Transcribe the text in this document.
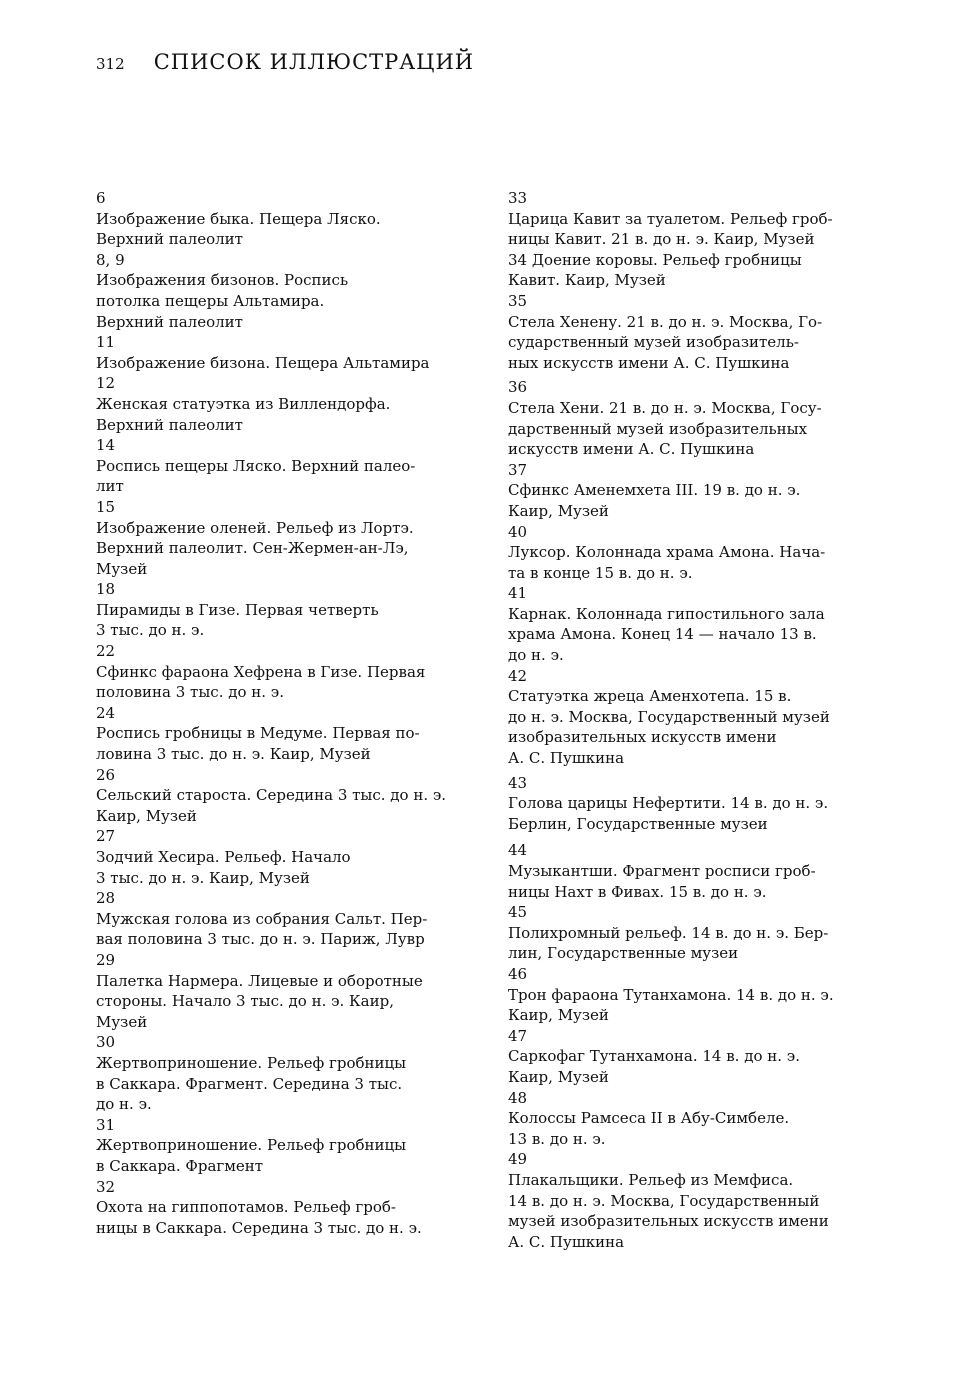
312 СПИСОК ИЛЛЮСТРАЦИЙ
6
Изображение быка. Пещера Ляско.
Верхний палеолит
8, 9
Изображения бизонов. Роспись
потолка пещеры Альтамира.
Верхний палеолит
11
Изображение бизона. Пещера Альтамира
12
Женская статуэтка из Виллендорфа.
Верхний палеолит
14
Роспись пещеры Ляско. Верхний палео-
лит
15
Изображение оленей. Рельеф из Лортэ.
Верхний палеолит. Сен-Жермен-ан-Лэ,
Музей
18
Пирамиды в Гизе. Первая четверть
3 тыс. до н. э.
22
Сфинкс фараона Хефрена в Гизе. Первая
половина 3 тыс. до н. э.
24
Роспись гробницы в Медуме. Первая по-
ловина 3 тыс. до н. э. Каир, Музей
26
Сельский староста. Середина 3 тыс. до н. э.
Каир, Музей
27
Зодчий Хесира. Рельеф. Начало
3 тыс. до н. э. Каир, Музей
28
Мужская голова из собрания Сальт. Пер-
вая половина 3 тыс. до н. э. Париж, Лувр
29
Палетка Нармера. Лицевые и оборотные
стороны. Начало 3 тыс. до н. э. Каир,
Музей
30
Жертвоприношение. Рельеф гробницы
в Саккара. Фрагмент. Середина 3 тыс.
до н. э.
31
Жертвоприношение. Рельеф гробницы
в Саккара. Фрагмент
32
Охота на гиппопотамов. Рельеф гроб-
ницы в Саккара. Середина 3 тыс. до н. э.
33
Царица Кавит за туалетом. Рельеф гроб-
ницы Кавит. 21 в. до н. э. Каир, Музей
34 Доение коровы. Рельеф гробницы
Кавит. Каир, Музей
35
Стела Хенену. 21 в. до н. э. Москва, Го-
сударственный музей изобразитель-
ных искусств имени А. С. Пушкина
36
Стела Хени. 21 в. до н. э. Москва, Госу-
дарственный музей изобразительных
искусств имени А. С. Пушкина
37
Сфинкс Аменемхета III. 19 в. до н. э.
Каир, Музей
40
Луксор. Колоннада храма Амона. Нача-
та в конце 15 в. до н. э.
41
Карнак. Колоннада гипостильного зала
храма Амона. Конец 14 — начало 13 в.
до н. э.
42
Статуэтка жреца Аменхотепа. 15 в.
до н. э. Москва, Государственный музей
изобразительных искусств имени
А. С. Пушкина
43
Голова царицы Нефертити. 14 в. до н. э.
Берлин, Государственные музеи
44
Музыкантши. Фрагмент росписи гроб-
ницы Нахт в Фивах. 15 в. до н. э.
45
Полихромный рельеф. 14 в. до н. э. Бер-
лин, Государственные музеи
46
Трон фараона Тутанхамона. 14 в. до н. э.
Каир, Музей
47
Саркофаг Тутанхамона. 14 в. до н. э.
Каир, Музей
48
Колоссы Рамсеса II в Абу-Симбеле.
13 в. до н. э.
49
Плакальщики. Рельеф из Мемфиса.
14 в. до н. э. Москва, Государственный
музей изобразительных искусств имени
А. С. Пушкина
